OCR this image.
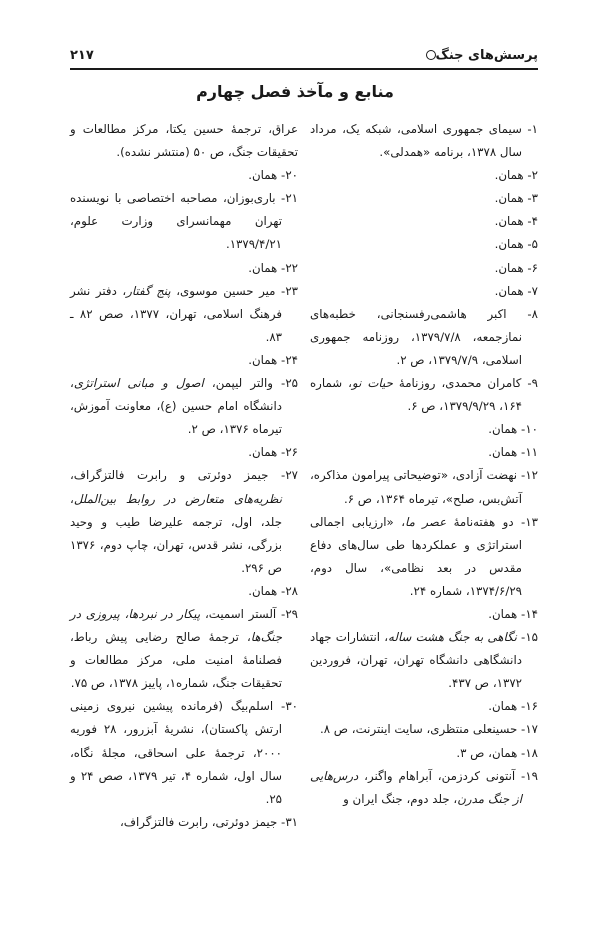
پرسش‌های جنگ
۲۱۷
منابع و مآخذ فصل چهارم

۱- سیمای جمهوری اسلامی، شبکه یک، مرداد سال ۱۳۷۸، برنامه «همدلی».

۲- همان.

۳- همان.

۴- همان.

۵- همان.

۶- همان.

۷- همان.

۸- اکبر هاشمی‌رفسنجانی، خطبه‌های نمازجمعه، ۱۳۷۹/۷/۸، روزنامه جمهوری اسلامی، ۱۳۷۹/۷/۹، ص ۲.

۹- کامران محمدی، روزنامهٔ حیات نو، شماره ۱۶۴، ۱۳۷۹/۹/۲۹، ص ۶.

۱۰- همان.

۱۱- همان.

۱۲- نهضت آزادی، «توضیحاتی پیرامون مذاکره، آتش‌بس، صلح»، تیرماه ۱۳۶۴، ص ۶.

۱۳- دو هفته‌نامهٔ عصر ما، «ارزیابی اجمالی استراتژی و عملکردها طی سال‌های دفاع مقدس در بعد نظامی»، سال دوم، ۱۳۷۴/۶/۲۹، شماره ۲۴.

۱۴- همان.

۱۵- نگاهی به جنگ هشت ساله، انتشارات جهاد دانشگاهی دانشگاه تهران، تهران، فروردین ۱۳۷۲، ص ۴۳۷.

۱۶- همان.

۱۷- حسینعلی منتظری، سایت اینترنت، ص ۸.

۱۸- همان، ص ۳.

۱۹- آنتونی کردزمن، آبراهام واگنر، درس‌هایی از جنگ مدرن، جلد دوم، جنگ ایران و

عراق، ترجمهٔ حسین یکتا، مرکز مطالعات و تحقیقات جنگ، ص ۵۰ (منتشر نشده).

۲۰- همان.

۲۱- باری‌بوزان، مصاحبه اختصاصی با نویسنده تهران مهمانسرای وزارت علوم، ۱۳۷۹/۴/۲۱.

۲۲- همان.

۲۳- میر حسین موسوی، پنج گفتار، دفتر نشر فرهنگ اسلامی، تهران، ۱۳۷۷، صص ۸۲ ـ ۸۳.

۲۴- همان.

۲۵- والتر لیپمن، اصول و مبانی استراتژی، دانشگاه امام حسین (ع)، معاونت آموزش، تیرماه ۱۳۷۶، ص ۲.

۲۶- همان.

۲۷- جیمز دوئرتی و رابرت فالتزگراف، نظریه‌های متعارض در روابط بین‌الملل، جلد، اول، ترجمه علیرضا طیب و وحید بزرگی، نشر قدس، تهران، چاپ دوم، ۱۳۷۶ ص ۲۹۶.

۲۸- همان.

۲۹- آلستر اسمیت، پیکار در نبردها، پیروزی در جنگ‌ها، ترجمهٔ صالح رضایی پیش رباط، فصلنامهٔ امنیت ملی، مرکز مطالعات و تحقیقات جنگ، شماره۱، پاییز ۱۳۷۸، ص ۷۵.

۳۰- اسلم‌بیگ (فرمانده پیشین نیروی زمینی ارتش پاکستان)، نشریهٔ آبزرور، ۲۸ فوریه ۲۰۰۰، ترجمهٔ علی اسحاقی، مجلهٔ نگاه، سال اول، شماره ۴، تیر ۱۳۷۹، صص ۲۴ و ۲۵.

۳۱- جیمز دوئرتی، رابرت فالتزگراف،
